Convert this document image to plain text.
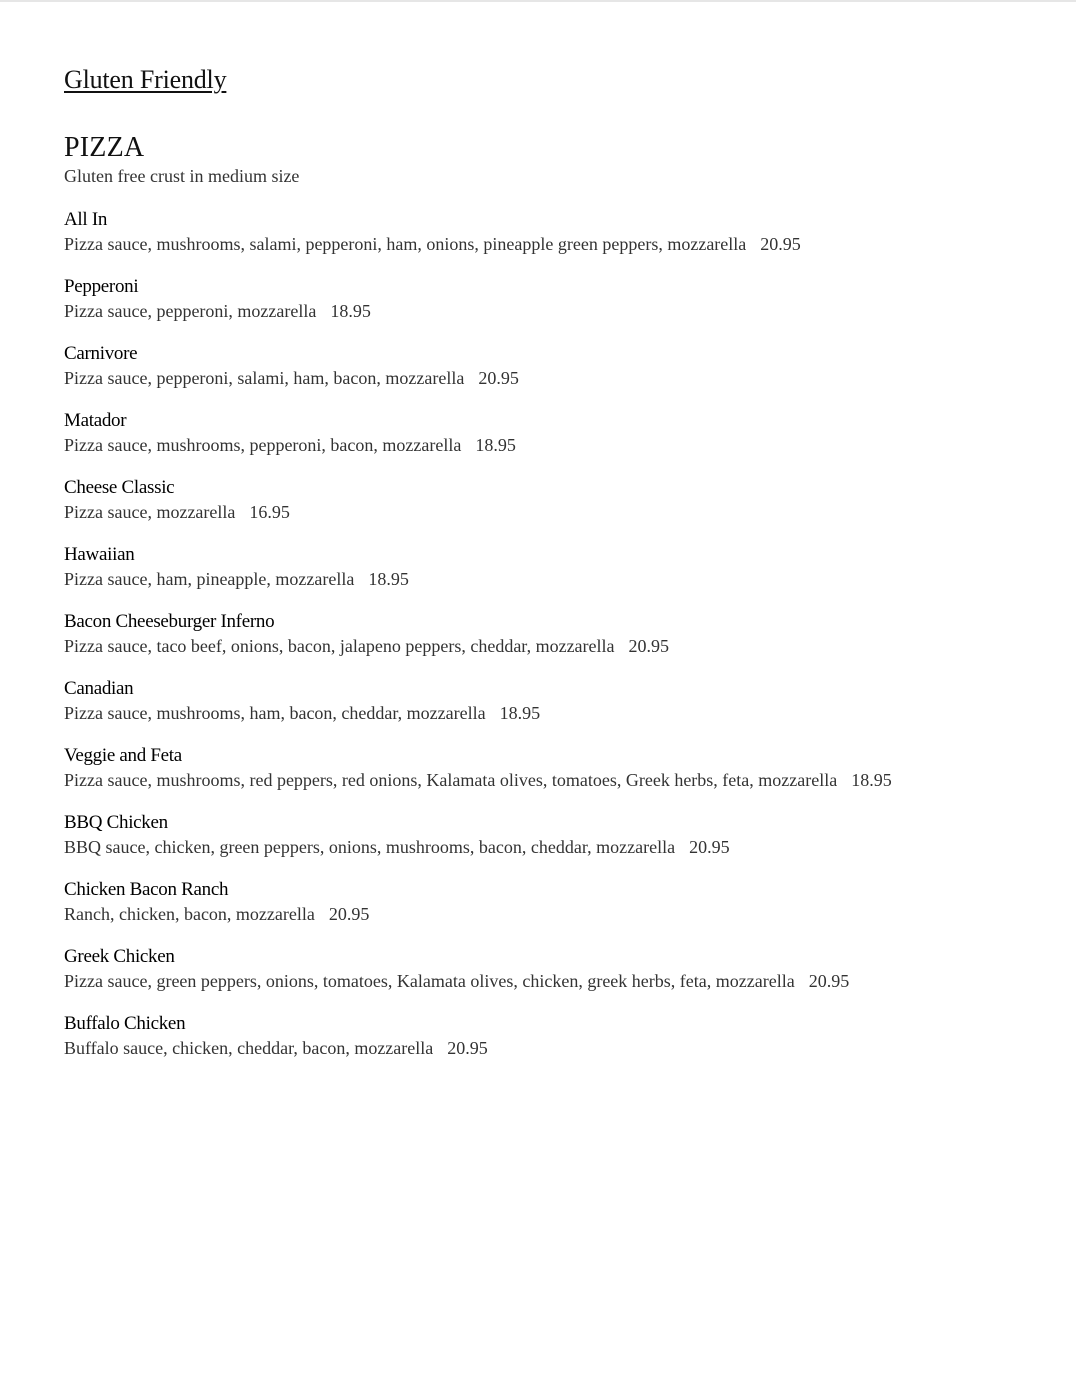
Gluten Friendly
PIZZA
Gluten free crust in medium size
All In
Pizza sauce, mushrooms, salami, pepperoni, ham, onions, pineapple green peppers, mozzarella 20.95
Pepperoni
Pizza sauce, pepperoni, mozzarella 18.95
Carnivore
Pizza sauce, pepperoni, salami, ham, bacon, mozzarella 20.95
Matador
Pizza sauce, mushrooms, pepperoni, bacon, mozzarella 18.95
Cheese Classic
Pizza sauce, mozzarella 16.95
Hawaiian
Pizza sauce, ham, pineapple, mozzarella 18.95
Bacon Cheeseburger Inferno
Pizza sauce, taco beef, onions, bacon, jalapeno peppers, cheddar, mozzarella 20.95
Canadian
Pizza sauce, mushrooms, ham, bacon, cheddar, mozzarella 18.95
Veggie and Feta
Pizza sauce, mushrooms, red peppers, red onions, Kalamata olives, tomatoes, Greek herbs, feta, mozzarella 18.95
BBQ Chicken
BBQ sauce, chicken, green peppers, onions, mushrooms, bacon, cheddar, mozzarella 20.95
Chicken Bacon Ranch
Ranch, chicken, bacon, mozzarella 20.95
Greek Chicken
Pizza sauce, green peppers, onions, tomatoes, Kalamata olives, chicken, greek herbs, feta, mozzarella 20.95
Buffalo Chicken
Buffalo sauce, chicken, cheddar, bacon, mozzarella 20.95
